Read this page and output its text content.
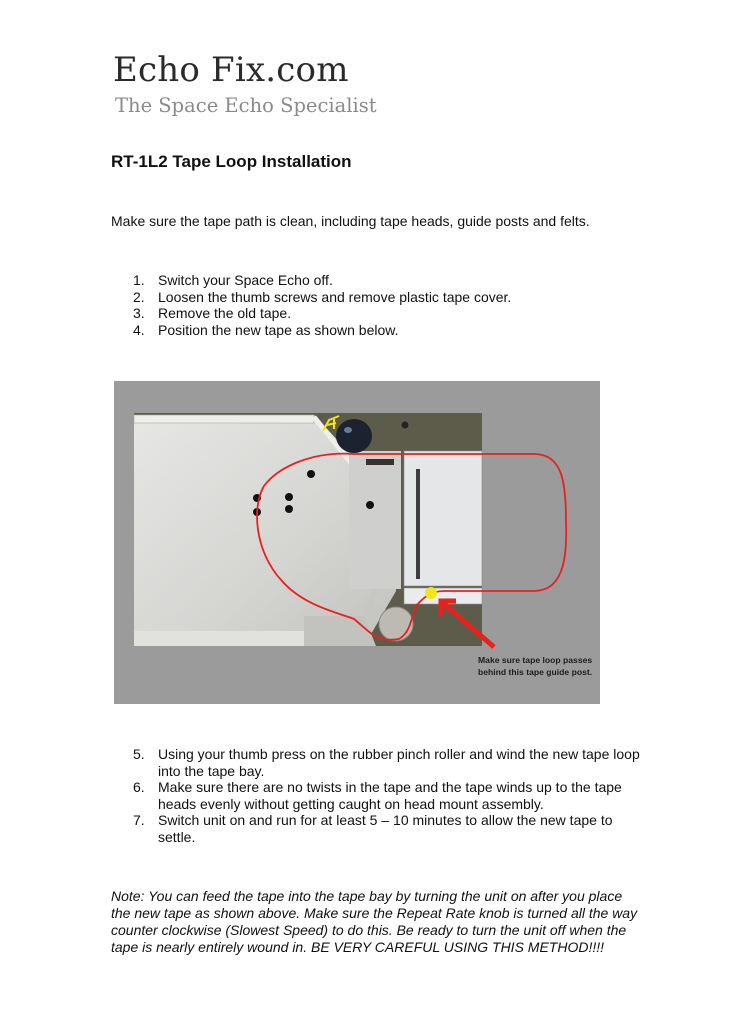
Echo Fix.com
The Space Echo Specialist
RT-1L2 Tape Loop Installation
Make sure the tape path is clean, including tape heads, guide posts and felts.
1. Switch your Space Echo off.
2. Loosen the thumb screws and remove plastic tape cover.
3. Remove the old tape.
4. Position the new tape as shown below.
Make sure tape loop passes behind this tape guide post.
5. Using your thumb press on the rubber pinch roller and wind the new tape loop into the tape bay.
6. Make sure there are no twists in the tape and the tape winds up to the tape heads evenly without getting caught on head mount assembly.
7. Switch unit on and run for at least 5 – 10 minutes to allow the new tape to settle.
Note: You can feed the tape into the tape bay by turning the unit on after you place the new tape as shown above. Make sure the Repeat Rate knob is turned all the way counter clockwise (Slowest Speed) to do this. Be ready to turn the unit off when the tape is nearly entirely wound in. BE VERY CAREFUL USING THIS METHOD!!!!
